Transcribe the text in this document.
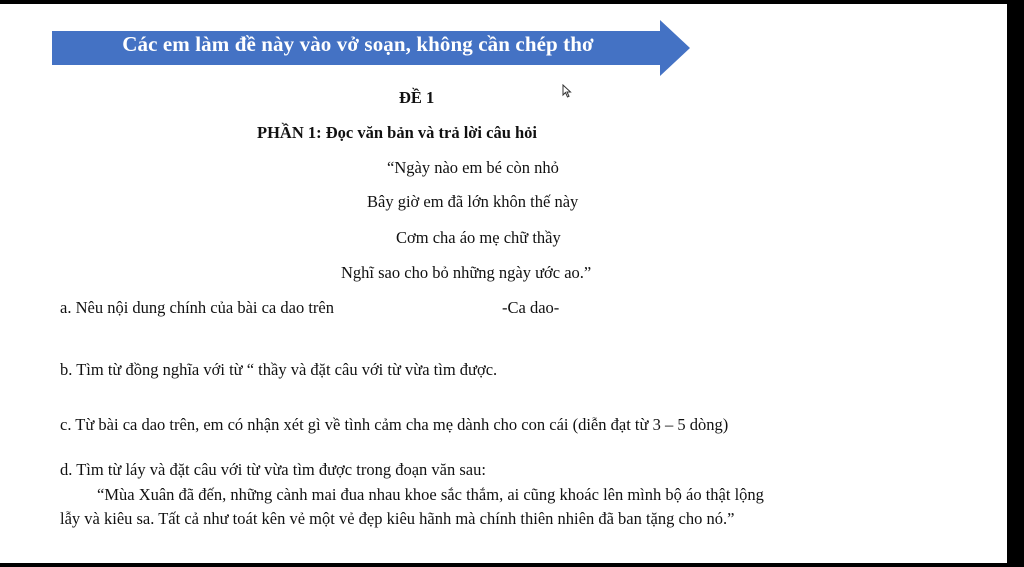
Các em làm đề này vào vở soạn, không cần chép thơ
ĐỀ 1
PHẦN 1: Đọc văn bản và trả lời câu hỏi
“Ngày nào em bé còn nhỏ
Bây giờ em đã lớn khôn thế này
Cơm cha áo mẹ chữ thầy
Nghĩ sao cho bỏ những ngày ước ao.”
a. Nêu nội dung chính của bài ca dao trên	-Ca dao-
b. Tìm từ đồng nghĩa với từ “ thầy và đặt câu với từ vừa tìm được.
c. Từ bài ca dao trên, em có nhận xét gì về tình cảm cha mẹ dành cho con cái (diễn đạt từ 3 – 5 dòng)
d. Tìm từ láy và đặt câu với từ vừa tìm được trong đoạn văn sau:
“Mùa Xuân đã đến, những cành mai đua nhau khoe sắc thắm, ai cũng khoác lên mình bộ áo thật lộng
lẫy và kiêu sa. Tất cả như toát kên vẻ một vẻ đẹp kiêu hãnh mà chính thiên nhiên đã ban tặng cho nó.”
